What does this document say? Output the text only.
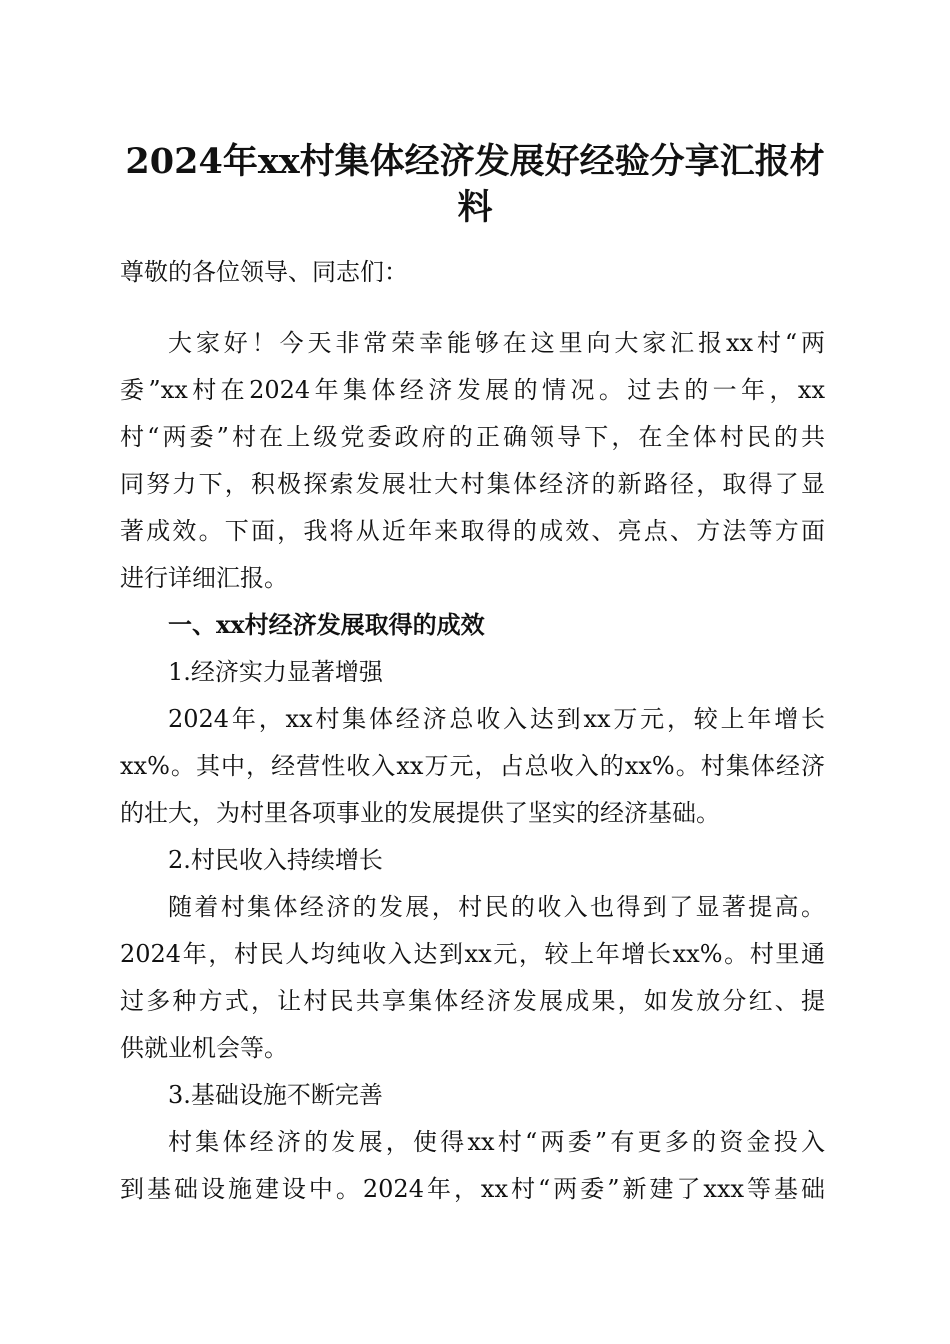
2024年xx村集体经济发展好经验分享汇报材
料
尊敬的各位领导、同志们：
大家好！今天非常荣幸能够在这里向大家汇报xx村“两
委”xx村在2024年集体经济发展的情况。过去的一年，xx
村“两委”村在上级党委政府的正确领导下，在全体村民的共
同努力下，积极探索发展壮大村集体经济的新路径，取得了显
著成效。下面，我将从近年来取得的成效、亮点、方法等方面
进行详细汇报。
一、xx村经济发展取得的成效
1.经济实力显著增强
2024年，xx村集体经济总收入达到xx万元，较上年增长
xx%。其中，经营性收入xx万元，占总收入的xx%。村集体经济
的壮大，为村里各项事业的发展提供了坚实的经济基础。
2.村民收入持续增长
随着村集体经济的发展，村民的收入也得到了显著提高。
2024年，村民人均纯收入达到xx元，较上年增长xx%。村里通
过多种方式，让村民共享集体经济发展成果，如发放分红、提
供就业机会等。
3.基础设施不断完善
村集体经济的发展，使得xx村“两委”有更多的资金投入
到基础设施建设中。2024年，xx村“两委”新建了xxx等基础
